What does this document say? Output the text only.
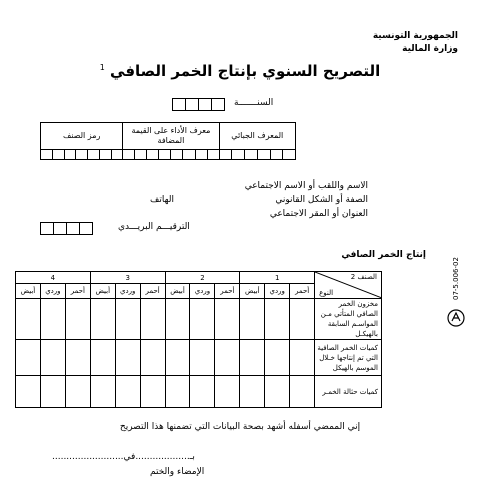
الجمهورية التونسية
وزارة المالية
التصريح السنوي بإنتاج الخمر الصافي $^1$
السنـــــــة
رمز الصنف	معرف الأداء على القيمة المضافة	المعرف الجبائي

الاسم واللقب أو الاسم الاجتماعي
الصفة أو الشكل القانوني
الهاتف
العنوان أو المقر الاجتماعي
الترقيـــم البريـــدي
إنتاج الخمر الصافي
4			3			2			1			الصنف 2
النوع

أبيض	وردي	أحمر	أبيض	وردي	أحمر	أبيض	وردي	أحمر	أبيض	وردي	أحمر	
												مخزون الخمر الصافي المتأتي مـن المواسـم السابقة بالهيكـل
												كميات الخمر الصافية التي تم إنتاجها خـلال الموسم بالهيكل
												كميات حثالة الخمـر
07-5.006-02
إني الممضي أسفله أشهد بصحة البيانات التي تضمنها هذا التصريح
بـ...................في.........................
الإمضاء والختم
